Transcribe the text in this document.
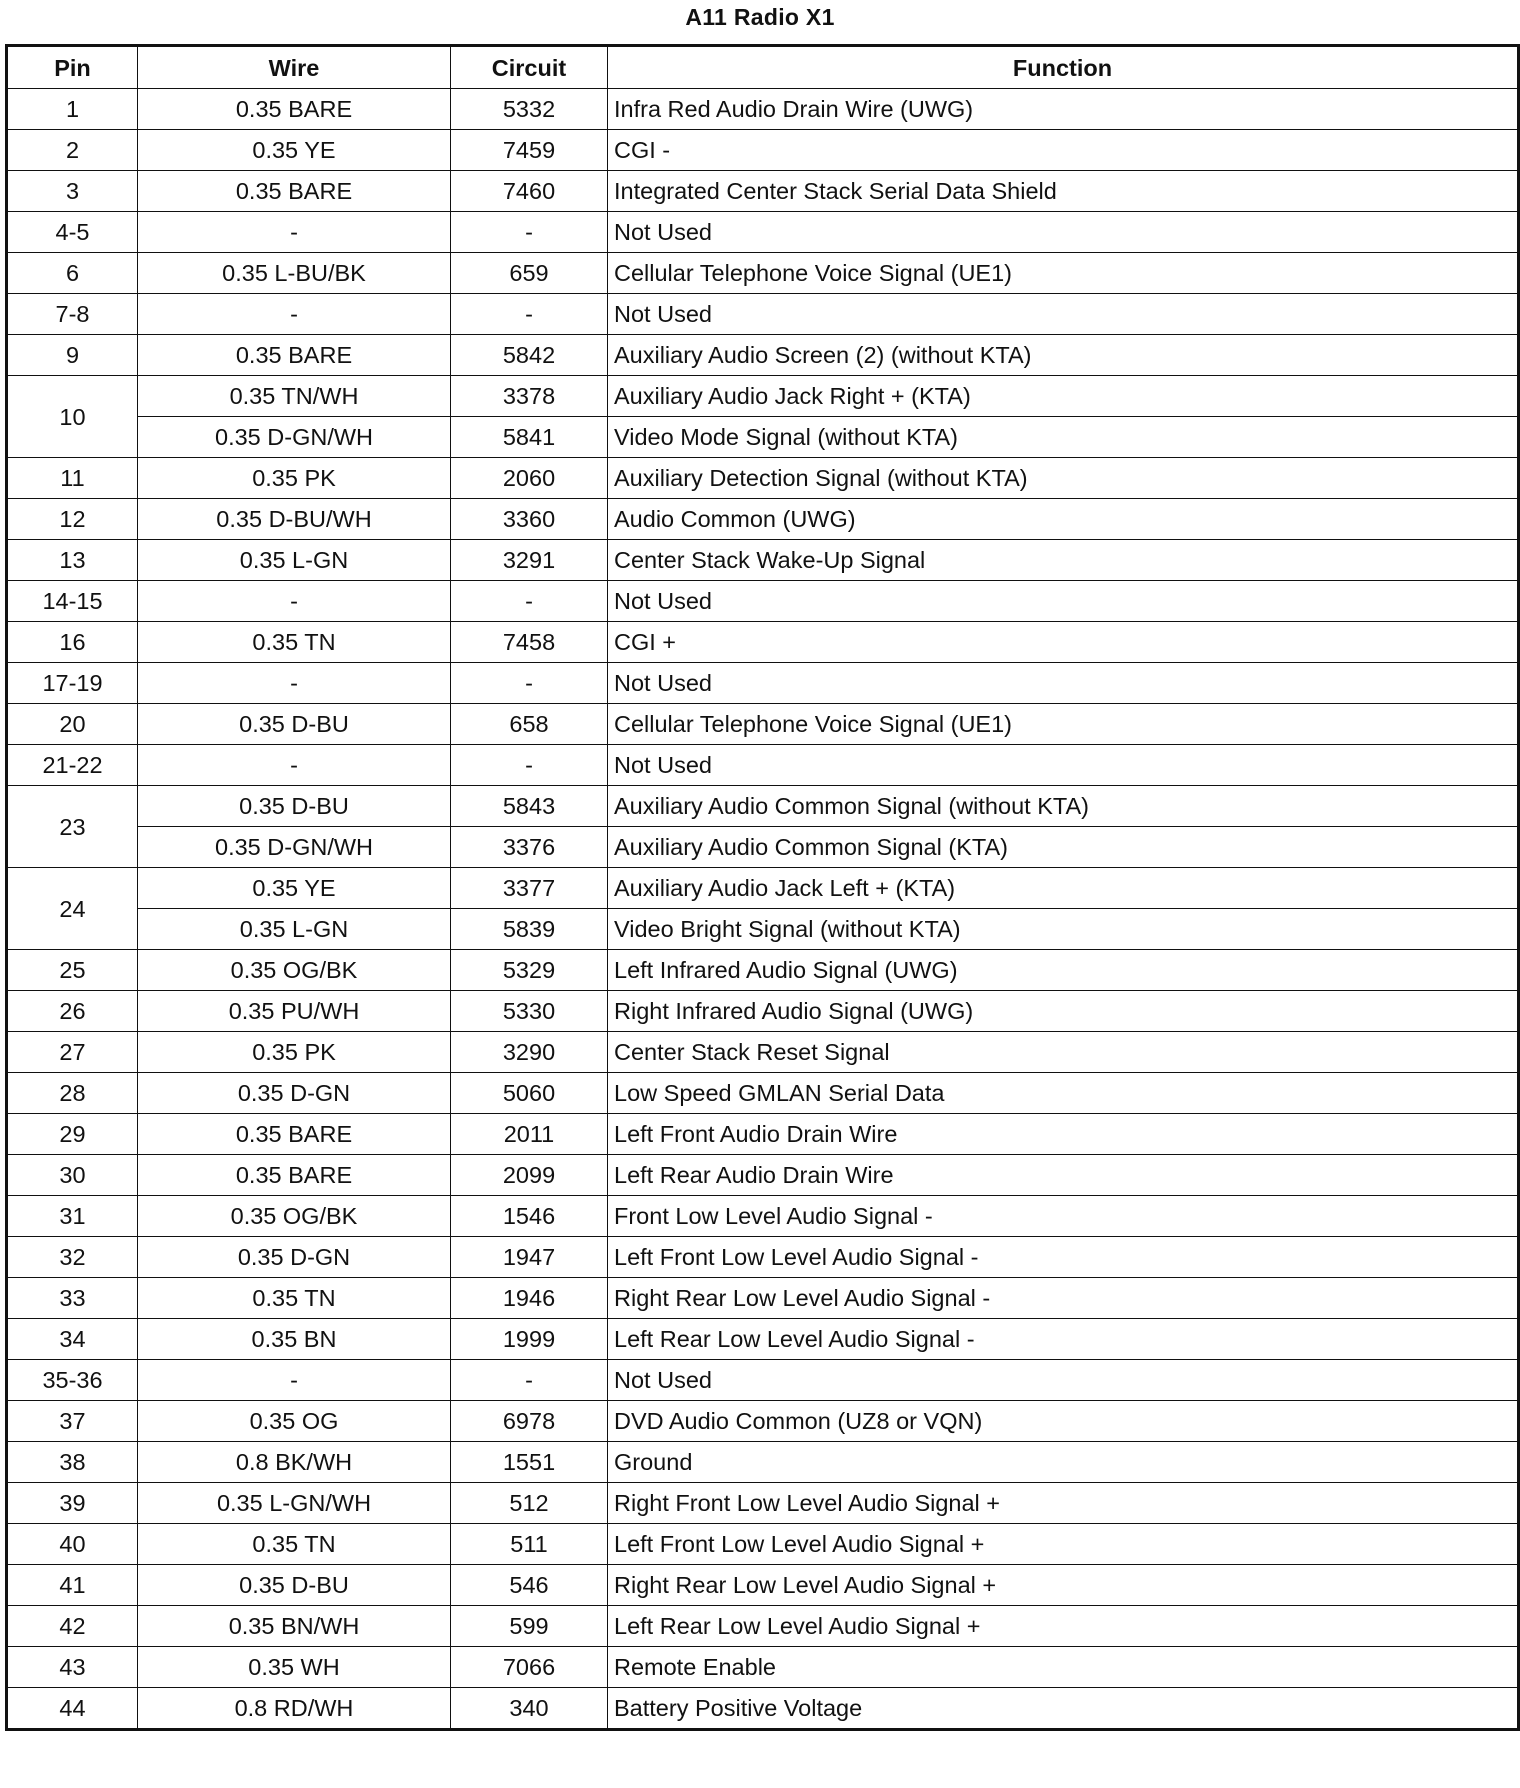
A11 Radio X1
Pin	Wire	Circuit	Function
1	0.35 BARE	5332	Infra Red Audio Drain Wire (UWG)
2	0.35 YE	7459	CGI -
3	0.35 BARE	7460	Integrated Center Stack Serial Data Shield
4-5	-	-	Not Used
6	0.35 L-BU/BK	659	Cellular Telephone Voice Signal (UE1)
7-8	-	-	Not Used
9	0.35 BARE	5842	Auxiliary Audio Screen (2) (without KTA)
10	0.35 TN/WH	3378	Auxiliary Audio Jack Right + (KTA)
	0.35 D-GN/WH	5841	Video Mode Signal (without KTA)
11	0.35 PK	2060	Auxiliary Detection Signal (without KTA)
12	0.35 D-BU/WH	3360	Audio Common (UWG)
13	0.35 L-GN	3291	Center Stack Wake-Up Signal
14-15	-	-	Not Used
16	0.35 TN	7458	CGI +
17-19	-	-	Not Used
20	0.35 D-BU	658	Cellular Telephone Voice Signal (UE1)
21-22	-	-	Not Used
23	0.35 D-BU	5843	Auxiliary Audio Common Signal (without KTA)
	0.35 D-GN/WH	3376	Auxiliary Audio Common Signal (KTA)
24	0.35 YE	3377	Auxiliary Audio Jack Left + (KTA)
	0.35 L-GN	5839	Video Bright Signal (without KTA)
25	0.35 OG/BK	5329	Left Infrared Audio Signal (UWG)
26	0.35 PU/WH	5330	Right Infrared Audio Signal (UWG)
27	0.35 PK	3290	Center Stack Reset Signal
28	0.35 D-GN	5060	Low Speed GMLAN Serial Data
29	0.35 BARE	2011	Left Front Audio Drain Wire
30	0.35 BARE	2099	Left Rear Audio Drain Wire
31	0.35 OG/BK	1546	Front Low Level Audio Signal -
32	0.35 D-GN	1947	Left Front Low Level Audio Signal -
33	0.35 TN	1946	Right Rear Low Level Audio Signal -
34	0.35 BN	1999	Left Rear Low Level Audio Signal -
35-36	-	-	Not Used
37	0.35 OG	6978	DVD Audio Common (UZ8 or VQN)
38	0.8 BK/WH	1551	Ground
39	0.35 L-GN/WH	512	Right Front Low Level Audio Signal +
40	0.35 TN	511	Left Front Low Level Audio Signal +
41	0.35 D-BU	546	Right Rear Low Level Audio Signal +
42	0.35 BN/WH	599	Left Rear Low Level Audio Signal +
43	0.35 WH	7066	Remote Enable
44	0.8 RD/WH	340	Battery Positive Voltage
